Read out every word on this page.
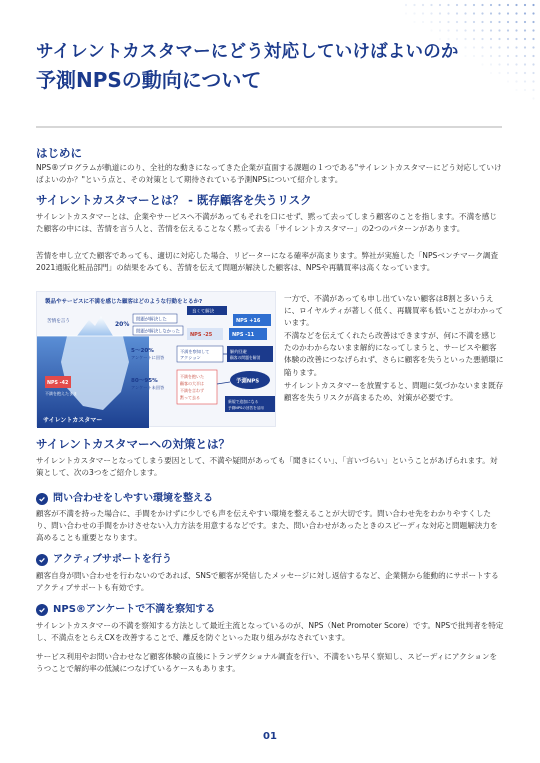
サイレントカスタマーにどう対応していけばよいのか
予測NPSの動向について
はじめに
NPS®プログラムが軌道にのり、全社的な動きになってきた企業が直面する課題の１つである"サイレントカスタマーにどう対応していけばよいのか？"という点と、その対策として期待されている予測NPSについて紹介します。
サイレントカスタマーとは？ - 既存顧客を失うリスク
サイレントカスタマーとは、企業やサービスへ不満があってもそれを口にせず、黙って去ってしまう顧客のことを指します。不満を感じた顧客の中には、苦情を言う人と、苦情を伝えることなく黙って去る「サイレントカスタマー」の2つのパターンがあります。
苦情を申し立てた顧客であっても、適切に対応した場合、リピーターになる確率が高まります。弊社が実施した「NPSベンチマーク調査2021通販化粧品部門」の結果をみても、苦情を伝えて問題が解決した顧客は、NPSや再購買率は高くなっています。
製品やサービスに不満を感じた顧客はどのような行動をとるか?
苦情を言う	20%
問題が解決した
問題が解決しなかった
良くて解決
NPS +16
NPS -25	NPS -11
5〜20%
アンケートに回答
80〜95%
アンケート未回答
NPS -42
不満を抱えたまま
不満を察知して
アクション
不満を抱いた
顧客の大半は
不満を言わず
黙って去る
解約回避
顧客の問題を解消
予測NPS
新規で追加になる
予測NPSの回答を活用
サイレントカスタマー
一方で、不満があっても申し出ていない顧客は8割と多いうえに、ロイヤルティが著しく低く、再購買率も低いことがわかっています。
不満などを伝えてくれたら改善はできますが、何に不満を感じたのかわからないまま解約になってしまうと、サービスや顧客体験の改善につなげられず、さらに顧客を失うといった悪循環に陥ります。
サイレントカスタマーを放置すると、問題に気づかないまま既存顧客を失うリスクが高まるため、対策が必要です。
サイレントカスタマーへの対策とは？
サイレントカスタマーとなってしまう要因として、不満や疑問があっても「聞きにくい」、「言いづらい」ということがあげられます。対策として、次の3つをご紹介します。
問い合わせをしやすい環境を整える
顧客が不満を持った場合に、手間をかけずに少しでも声を伝えやすい環境を整えることが大切です。問い合わせ先をわかりやすくしたり、問い合わせの手間をかけさせない入力方法を用意するなどです。また、問い合わせがあったときのスピーディな対応と問題解決力を高めることも重要となります。
アクティブサポートを行う
顧客自身が問い合わせを行わないのであれば、SNSで顧客が発信したメッセージに対し返信するなど、企業側から能動的にサポートするアクティブサポートも有効です。
NPS®アンケートで不満を察知する
サイレントカスタマーの不満を察知する方法として最近主流となっているのが、NPS（Net Promoter Score）です。NPSで批判者を特定し、不満点をとらえCXを改善することで、離反を防ぐといった取り組みがなされています。
サービス利用やお問い合わせなど顧客体験の直後にトランザクショナル調査を行い、不満をいち早く察知し、スピーディにアクションをうつことで解約率の低減につなげているケースもあります。
01
